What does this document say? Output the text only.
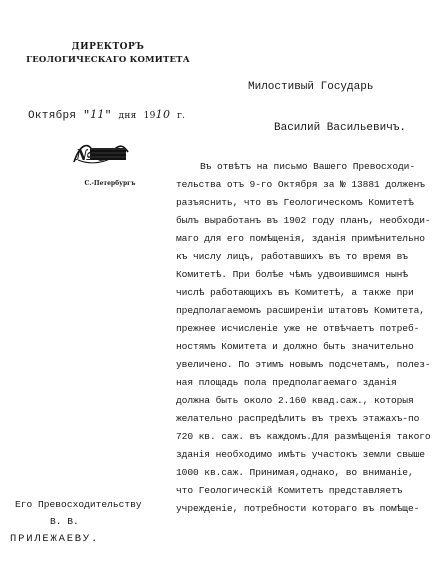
ДИРЕКТОРЪ
ГЕОЛОГИЧЕСКАГО КОМИТЕТА
Октября "11" дня 1910 г.
№
С.-Петербургъ
Милостивый Государь
Василий Васильевичъ.
Въ отвѣтъ на письмо Вашего Превосходи-
тельства отъ 9-го Октября за № 13881 долженъ
разъяснить, что въ Геологическомъ Комитетѣ
былъ выработанъ въ 1902 году планъ, необходи-
маго для его помѣщенія, зданія примѣнительно
къ числу лицъ, работавшихъ въ то время въ
Комитетѣ. При болѣе чѣмъ удвоившимся нынѣ
числѣ работающихъ въ Комитетѣ, а также при
предполагаемомъ расширеніи штатовъ Комитета,
прежнее исчисленіе уже не отвѣчаетъ потреб-
ностямъ Комитета и должно быть значительно
увеличено. По этимъ новымъ подсчетамъ, полез-
ная площадь пола предполагаемаго зданія
должна быть около 2.160 квад.саж., которыя
желательно распредѣлить въ трехъ этажахъ-по
720 кв. саж. въ каждомъ.Для размѣщенія такого
зданія необходимо имѣть участокъ земли свыше
1000 кв.саж. Принимая,однако, во вниманіе,
что Геологическій Комитетъ представляетъ
учрежденіе, потребности котораго въ помѣще-
Его Превосходительству
В. В.
ПРИЛЕЖАЕВУ.
